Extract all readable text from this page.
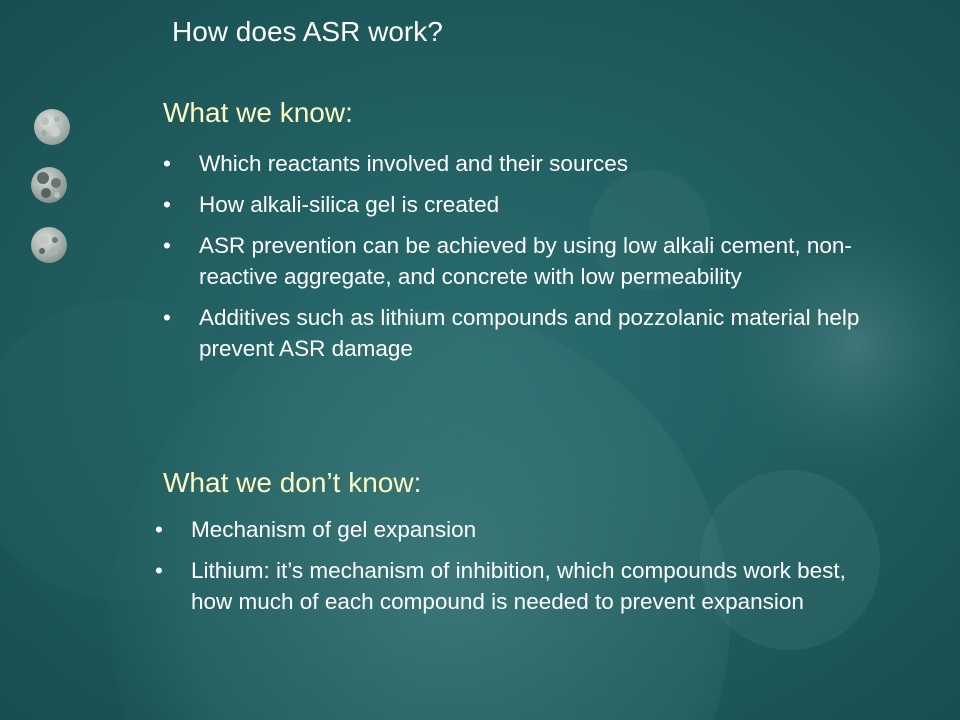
How does ASR work?
What we know:
• Which reactants involved and their sources
• How alkali-silica gel is created
• ASR prevention can be achieved by using low alkali cement, non-reactive aggregate, and concrete with low permeability
• Additives such as lithium compounds and pozzolanic material help prevent ASR damage
What we don’t know:
• Mechanism of gel expansion
• Lithium: it’s mechanism of inhibition, which compounds work best, how much of each compound is needed to prevent expansion
